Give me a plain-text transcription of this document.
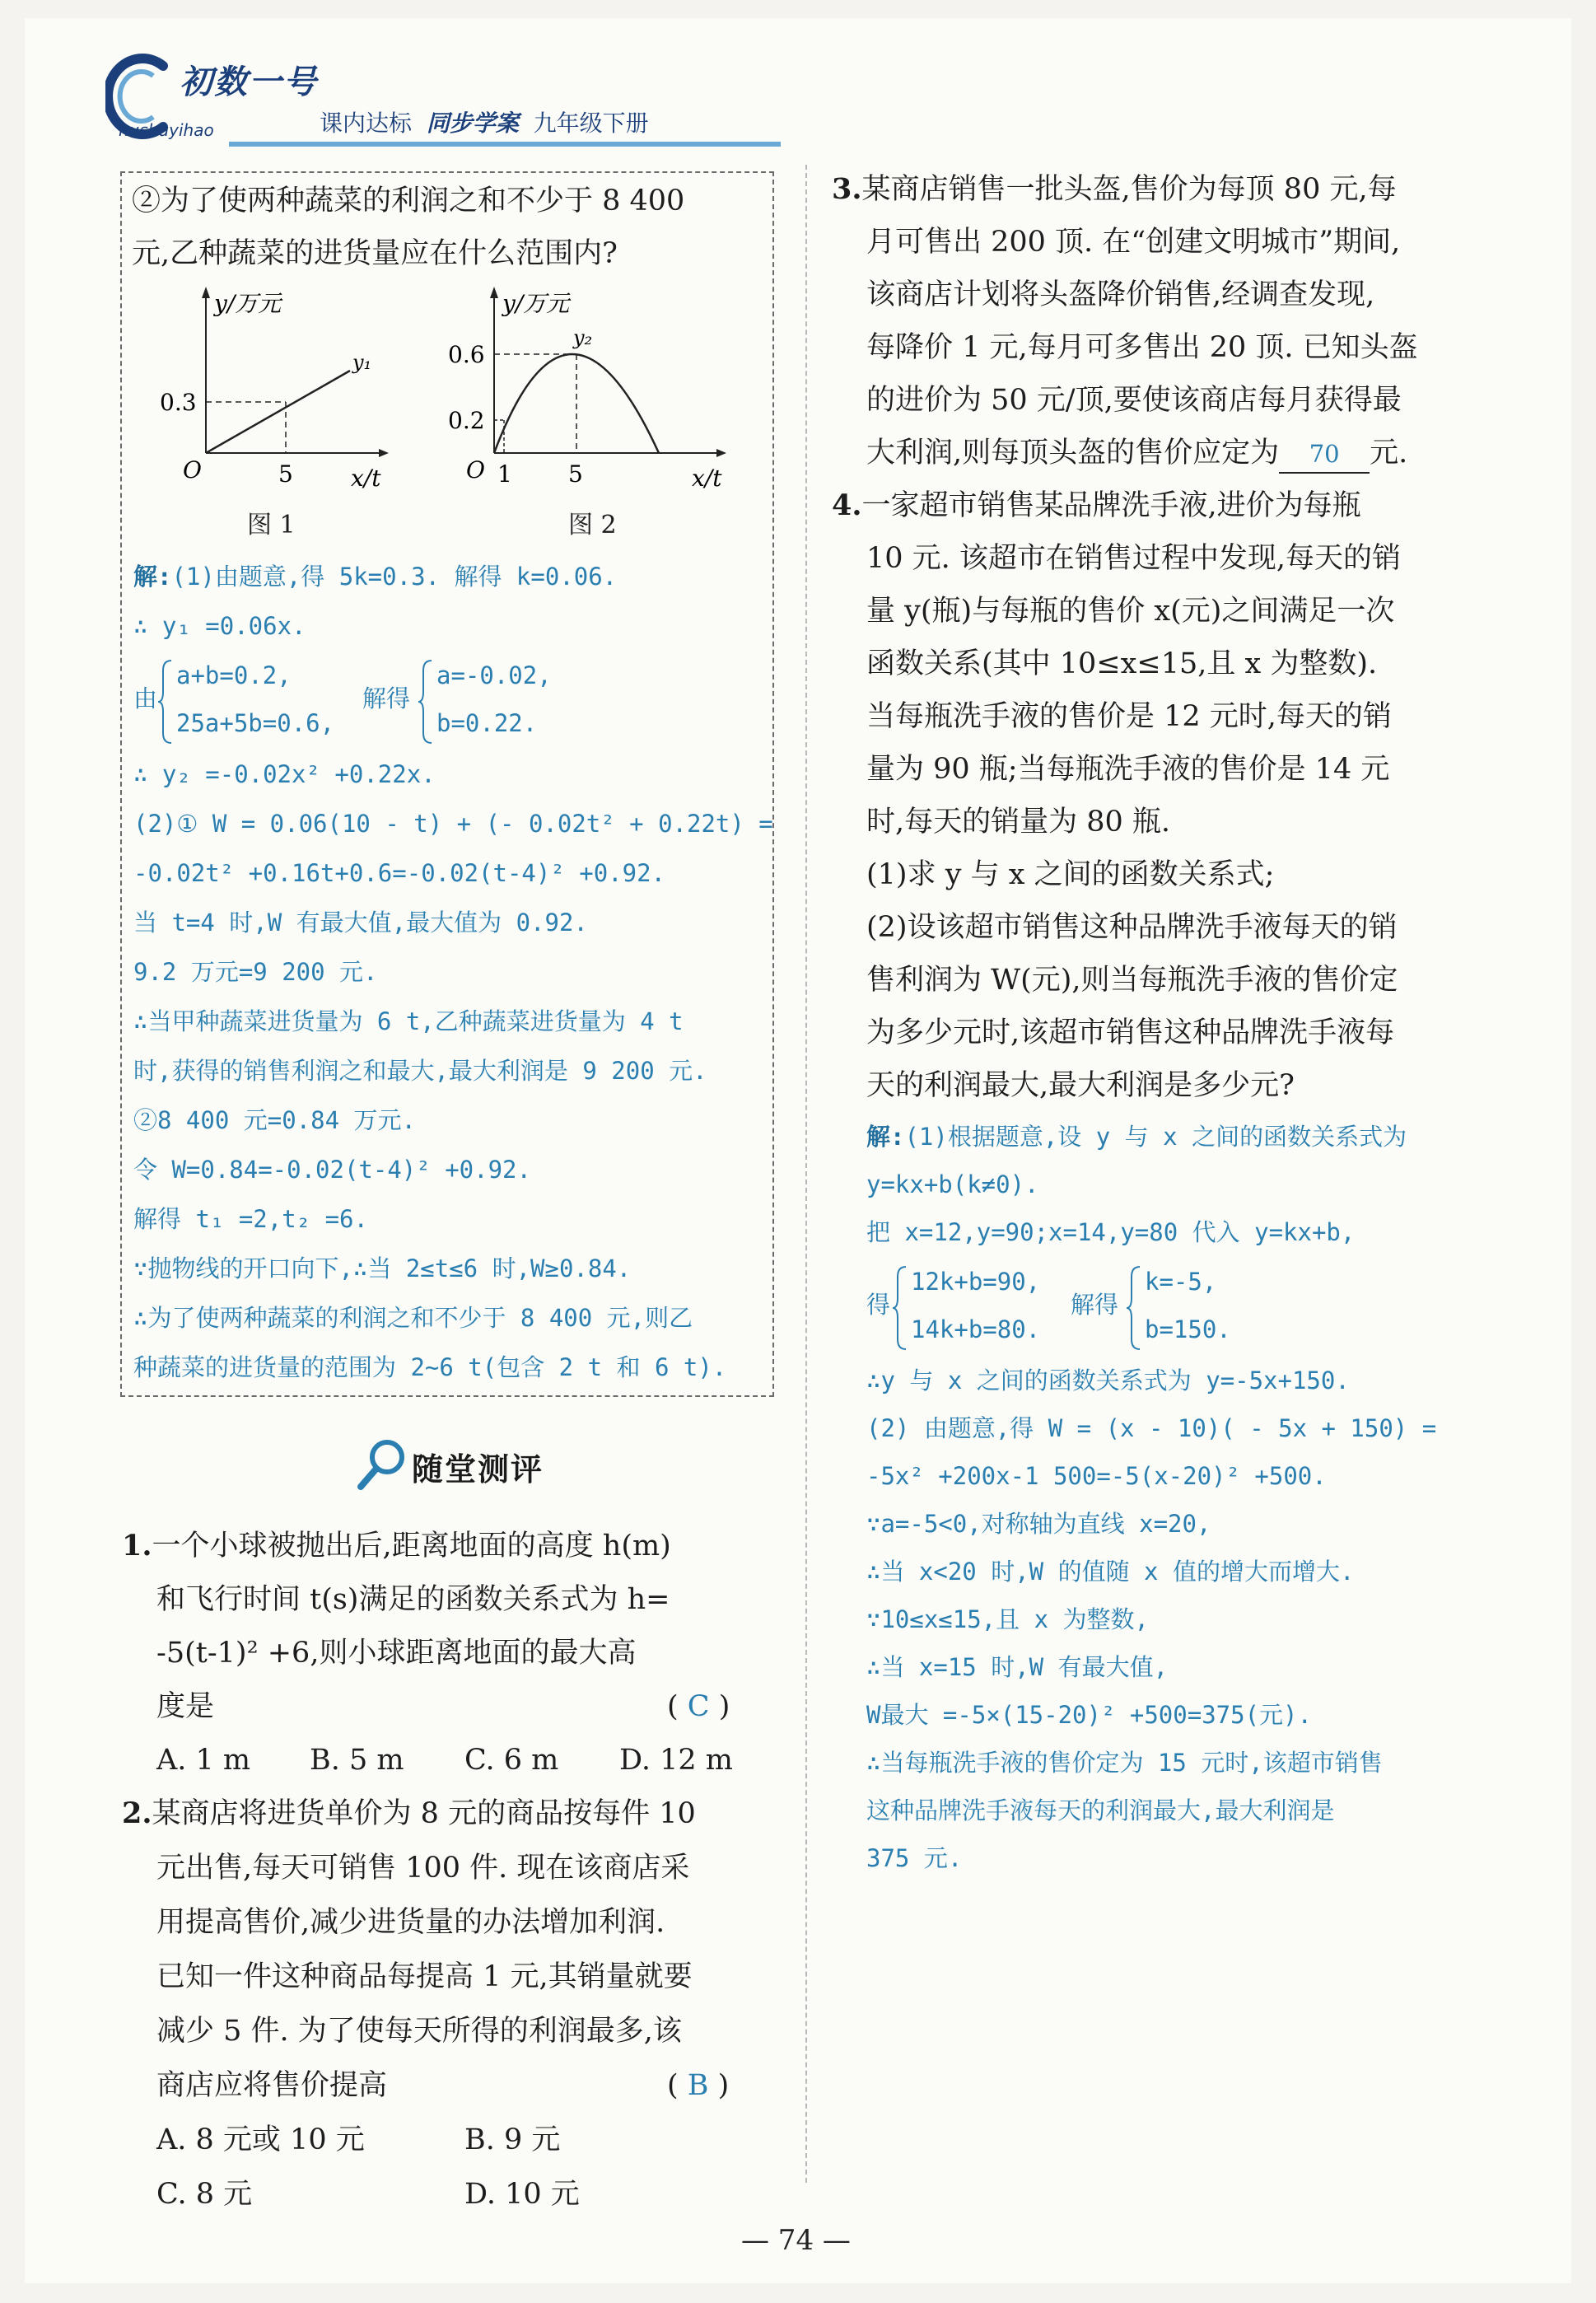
初数一号
hushuyihao	课内达标 同步学案 九年级下册
②为了使两种蔬菜的利润之和不少于 8 400
元,乙种蔬菜的进货量应在什么范围内?
y/万元
x/t
O
0.3
5
y₁
图 1
y/万元
x/t
O
0.6
0.2
1 5
y₂
图 2
解:(1)由题意,得 5k=0.3. 解得 k=0.06.
∴ y₁ =0.06x.
由
a+b=0.2,
25a+5b=0.6,
解得
a=-0.02,
b=0.22.
∴ y₂ =-0.02x² +0.22x.
(2)① W = 0.06(10 - t) + (- 0.02t² + 0.22t) =
-0.02t² +0.16t+0.6=-0.02(t-4)² +0.92.
当 t=4 时,W 有最大值,最大值为 0.92.
9.2 万元=9 200 元.
∴当甲种蔬菜进货量为 6 t,乙种蔬菜进货量为 4 t
时,获得的销售利润之和最大,最大利润是 9 200 元.
②8 400 元=0.84 万元.
令 W=0.84=-0.02(t-4)² +0.92.
解得 t₁ =2,t₂ =6.
∵抛物线的开口向下,∴当 2≤t≤6 时,W≥0.84.
∴为了使两种蔬菜的利润之和不少于 8 400 元,则乙
种蔬菜的进货量的范围为 2~6 t(包含 2 t 和 6 t).
随堂测评
1.一个小球被抛出后,距离地面的高度 h(m)
和飞行时间 t(s)满足的函数关系式为 h=
-5(t-1)² +6,则小球距离地面的最大高
度是	( C )
A. 1 m B. 5 m C. 6 m D. 12 m
2.某商店将进货单价为 8 元的商品按每件 10
元出售,每天可销售 100 件. 现在该商店采
用提高售价,减少进货量的办法增加利润.
已知一件这种商品每提高 1 元,其销量就要
减少 5 件. 为了使每天所得的利润最多,该
商店应将售价提高	( B )
A. 8 元或 10 元	B. 9 元
C. 8 元	D. 10 元
3.某商店销售一批头盔,售价为每顶 80 元,每
月可售出 200 顶. 在“创建文明城市”期间,
该商店计划将头盔降价销售,经调查发现,
每降价 1 元,每月可多售出 20 顶. 已知头盔
的进价为 50 元/顶,要使该商店每月获得最
大利润,则每顶头盔的售价应定为 70 元.
4.一家超市销售某品牌洗手液,进价为每瓶
10 元. 该超市在销售过程中发现,每天的销
量 y(瓶)与每瓶的售价 x(元)之间满足一次
函数关系(其中 10≤x≤15,且 x 为整数).
当每瓶洗手液的售价是 12 元时,每天的销
量为 90 瓶;当每瓶洗手液的售价是 14 元
时,每天的销量为 80 瓶.
(1)求 y 与 x 之间的函数关系式;
(2)设该超市销售这种品牌洗手液每天的销
售利润为 W(元),则当每瓶洗手液的售价定
为多少元时,该超市销售这种品牌洗手液每
天的利润最大,最大利润是多少元?
解:(1)根据题意,设 y 与 x 之间的函数关系式为
y=kx+b(k≠0).
把 x=12,y=90;x=14,y=80 代入 y=kx+b,
得
12k+b=90,
14k+b=80.
解得
k=-5,
b=150.
∴y 与 x 之间的函数关系式为 y=-5x+150.
(2) 由题意,得 W = (x - 10)( - 5x + 150) =
-5x² +200x-1 500=-5(x-20)² +500.
∵a=-5<0,对称轴为直线 x=20,
∴当 x<20 时,W 的值随 x 值的增大而增大.
∵10≤x≤15,且 x 为整数,
∴当 x=15 时,W 有最大值,
W最大 =-5×(15-20)² +500=375(元).
∴当每瓶洗手液的售价定为 15 元时,该超市销售
这种品牌洗手液每天的利润最大,最大利润是
375 元.
— 74 —
